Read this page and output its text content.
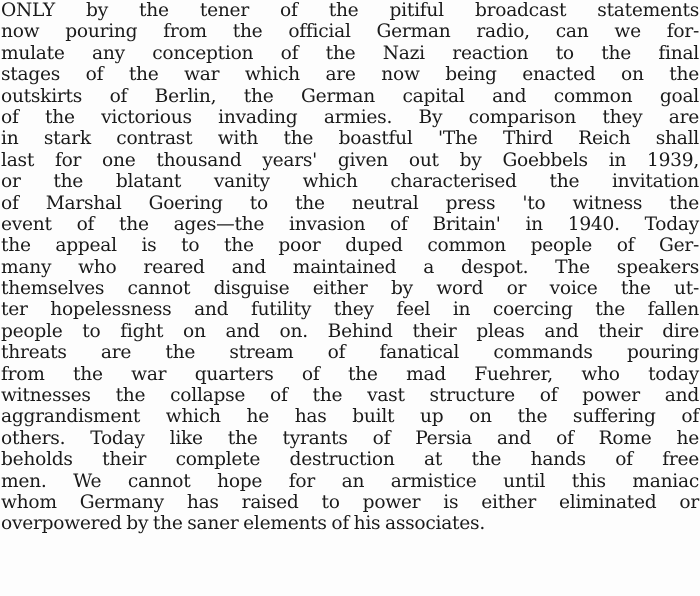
ONLY by the tener of the pitiful broadcast statements
now pouring from the official German radio, can we for-
mulate any conception of the Nazi reaction to the final
stages of the war which are now being enacted on the
outskirts of Berlin, the German capital and common goal
of the victorious invading armies. By comparison they are
in stark contrast with the boastful 'The Third Reich shall
last for one thousand years' given out by Goebbels in 1939,
or the blatant vanity which characterised the invitation
of Marshal Goering to the neutral press 'to witness the
event of the ages—the invasion of Britain' in 1940. Today
the appeal is to the poor duped common people of Ger-
many who reared and maintained a despot. The speakers
themselves cannot disguise either by word or voice the ut-
ter hopelessness and futility they feel in coercing the fallen
people to fight on and on. Behind their pleas and their dire
threats are the stream of fanatical commands pouring
from the war quarters of the mad Fuehrer, who today
witnesses the collapse of the vast structure of power and
aggrandisment which he has built up on the suffering of
others. Today like the tyrants of Persia and of Rome he
beholds their complete destruction at the hands of free
men. We cannot hope for an armistice until this maniac
whom Germany has raised to power is either eliminated or
overpowered by the saner elements of his associates.
